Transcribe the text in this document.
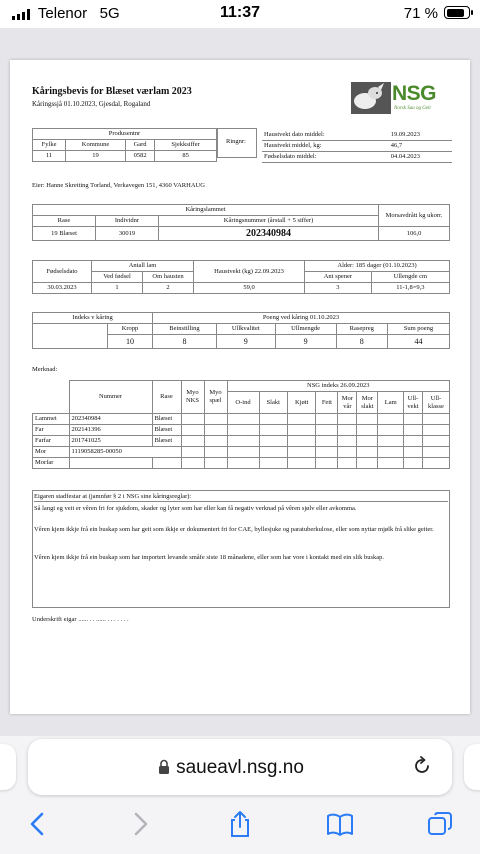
Telenor 5G	11:37	71 %
Kåringsbevis for Blæset værlam 2023
Kåringssjå 01.10.2023, Gjesdal, Rogaland	NSG
Norsk Sau og Geit
Produsentnr			
Fylke	Kommune	Gard	Sjekksiffer
11	19	0582	85
Ringnr:
Haustvekt dato middel:	19.09.2023
Haustvekt middel, kg:	46,7
Fødselsdato middel:	04.04.2023
Eier: Hanne Skretting Torland, Verkavegen 151, 4360 VARHAUG
Kåringslammet			Morsavdrått kg ukorr.
Rase	Individnr	Kåringsnummer (årstall + 5 siffer)	
19 Blæset	30019	202340984	106,0
Fødselsdato	Antall lam		Haustvekt (kg) 22.09.2023	Alder: 185 dager (01.10.2023)	
	Ved fødsel	Om hausten		Ant spener	Ullengde cm
30.03.2023	1	2	59,0	3	11-1,8=9,3
Indeks v kåring		Poeng ved kåring 01.10.2023				
	Kropp	Beinstilling	Ullkvalitet	Ullmengde	Rasepreg	Sum poeng
	10	8	9	9	8	44
Merknad:
	Nummer	Rase	Myo NKS	Myo spæl	NSG indeks 26.09.2023								
					O-ind	Slakt	Kjøtt	Fett	Mor vår	Mor slakt	Lam	Ull-vekt	Ull-klasse
Lammet	202340984	Blæset											
Far	202141396	Blæset											
Farfar	201741025	Blæset											
Mor	1119058285-00050												
Morfar													
Eigaren stadfestar at (jamnfør § 2 i NSG sine kåringsreglar):
Så langt eg veit er vêren fri for sjukdom, skader og lyter som har eller kan få negativ verknad på vêren sjølv eller avkomma.
Vêren kjem ikkje frå ein buskap som har geit som ikkje er dokumentert fri for CAE, byllesjuke og paratuberkulose, eller som nyttar mjølk frå slike geiter.
Vêren kjem ikkje frå ein buskap som har importert levande småfe siste 18 månadene, eller som har vore i kontakt med ein slik buskap.
Underskrift eigar ...... . . ...... . . . . . . .
saueavl.nsg.no
